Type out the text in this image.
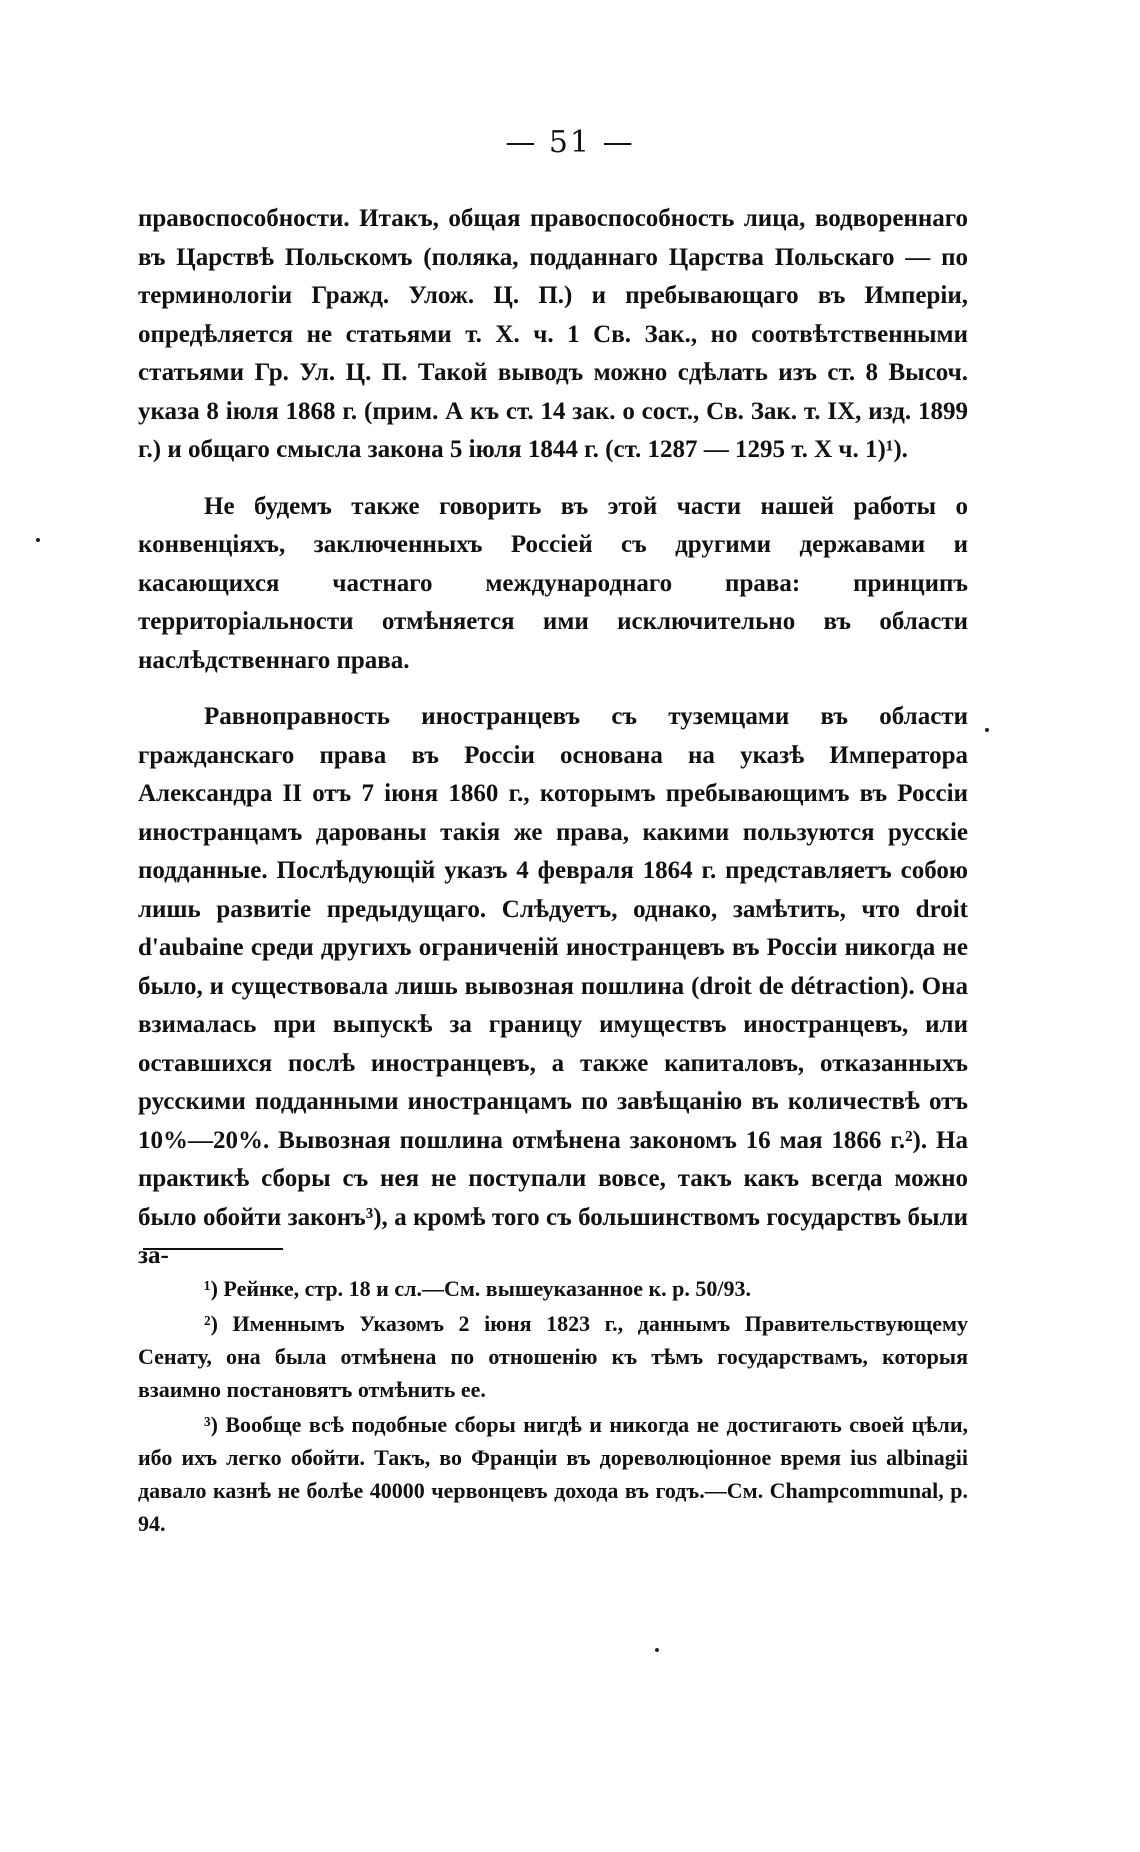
— 51 —

правоспособности. Итакъ, общая правоспособность лица, водвореннаго въ Царствѣ Польскомъ (поляка, подданнаго Царства Польскаго — по терминологіи Гражд. Улож. Ц. П.) и пребывающаго въ Имперіи, опредѣляется не статьями т. X. ч. 1 Св. Зак., но соотвѣтственными статьями Гр. Ул. Ц. П. Такой выводъ можно сдѣлать изъ ст. 8 Высоч. указа 8 іюля 1868 г. (прим. А къ ст. 14 зак. о сост., Св. Зак. т. IX, изд. 1899 г.) и общаго смысла закона 5 іюля 1844 г. (ст. 1287 — 1295 т. X ч. 1)¹).

Не будемъ также говорить въ этой части нашей работы о конвенціяхъ, заключенныхъ Россіей съ другими державами и касающихся частнаго международнаго права: принципъ территоріальности отмѣняется ими исключительно въ области наслѣдственнаго права.

Равноправность иностранцевъ съ туземцами въ области гражданскаго права въ Россіи основана на указѣ Императора Александра II отъ 7 іюня 1860 г., которымъ пребывающимъ въ Россіи иностранцамъ дарованы такія же права, какими пользуются русскіе подданные. Послѣдующій указъ 4 февраля 1864 г. представляетъ собою лишь развитіе предыдущаго. Слѣдуетъ, однако, замѣтить, что droit d'aubaine среди другихъ ограниченій иностранцевъ въ Россіи никогда не было, и существовала лишь вывозная пошлина (droit de détraction). Она взималась при выпускѣ за границу имуществъ иностранцевъ, или оставшихся послѣ иностранцевъ, а также капиталовъ, отказанныхъ русскими подданными иностранцамъ по завѣщанію въ количествѣ отъ 10%—20%. Вывозная пошлина отмѣнена закономъ 16 мая 1866 г.²). На практикѣ сборы съ нея не поступали вовсе, такъ какъ всегда можно было обойти законъ³), а кромѣ того съ большинствомъ государствъ были за-

¹) Рейнке, стр. 18 и сл.—См. вышеуказанное к. р. 50/93.

²) Именнымъ Указомъ 2 іюня 1823 г., даннымъ Правительствующему Сенату, она была отмѣнена по отношенію къ тѣмъ государствамъ, которыя взаимно постановятъ отмѣнить ее.

³) Вообще всѣ подобные сборы нигдѣ и никогда не достигають своей цѣли, ибо ихъ легко обойти. Такъ, во Франціи въ дореволюціонное время ius albinagii давало казнѣ не болѣе 40000 червонцевъ дохода въ годъ.—См. Champcommunal, p. 94.
